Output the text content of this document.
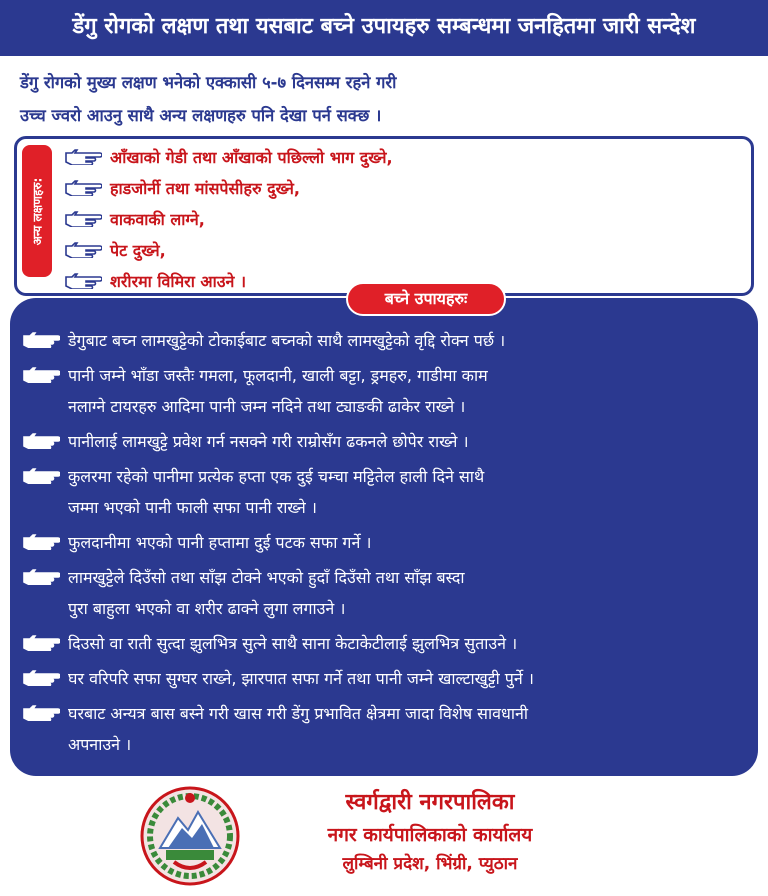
डेंगु रोगको लक्षण तथा यसबाट बच्ने उपायहरु सम्बन्धमा जनहितमा जारी सन्देश
डेंगु रोगको मुख्य लक्षण भनेको एक्कासी ५-७ दिनसम्म रहने गरी
उच्च ज्वरो आउनु साथै अन्य लक्षणहरु पनि देखा पर्न सक्छ ।
अन्य लक्षणहरु:
आँखाको गेडी तथा आँखाको पछिल्लो भाग दुख्ने,
हाडजोर्नी तथा मांसपेसीहरु दुख्ने,
वाकवाकी लाग्ने,
पेट दुख्ने,
शरीरमा विमिरा आउने ।
बच्ने उपायहरुः
डेगुबाट बच्न लामखुट्टेको टोकाईबाट बच्नको साथै लामखुट्टेको वृद्दि रोक्न पर्छ ।
पानी जम्ने भाँडा जस्तैः गमला, फूलदानी, खाली बट्टा, ड्रमहरु, गाडीमा काम
नलाग्ने टायरहरु आदिमा पानी जम्न नदिने तथा ट्याङकी ढाकेर राख्ने ।
पानीलाई लामखुट्टे प्रवेश गर्न नसक्ने गरी राम्रोसँग ढकनले छोपेर राख्ने ।
कुलरमा रहेको पानीमा प्रत्येक हप्ता एक दुई चम्चा मट्टितेल हाली दिने साथै
जम्मा भएको पानी फाली सफा पानी राख्ने ।
फुलदानीमा भएको पानी हप्तामा दुई पटक सफा गर्ने ।
लामखुट्टेले दिउँसो तथा साँझ टोक्ने भएको हुदाँ दिउँसो तथा साँझ बस्दा
पुरा बाहुला भएको वा शरीर ढाक्ने लुगा लगाउने ।
दिउसो वा राती सुत्दा झुलभित्र सुत्ने साथै साना केटाकेटीलाई झुलभित्र सुताउने ।
घर वरिपरि सफा सुग्घर राख्ने, झारपात सफा गर्ने तथा पानी जम्ने खाल्टाखुट्टी पुर्ने ।
घरबाट अन्यत्र बास बस्ने गरी खास गरी डेंगु प्रभावित क्षेत्रमा जादा विशेष सावधानी
अपनाउने ।
स्वर्गद्वारी नगरपालिका
नगर कार्यपालिकाको कार्यालय
लुम्बिनी प्रदेश, भिंग्री, प्युठान
